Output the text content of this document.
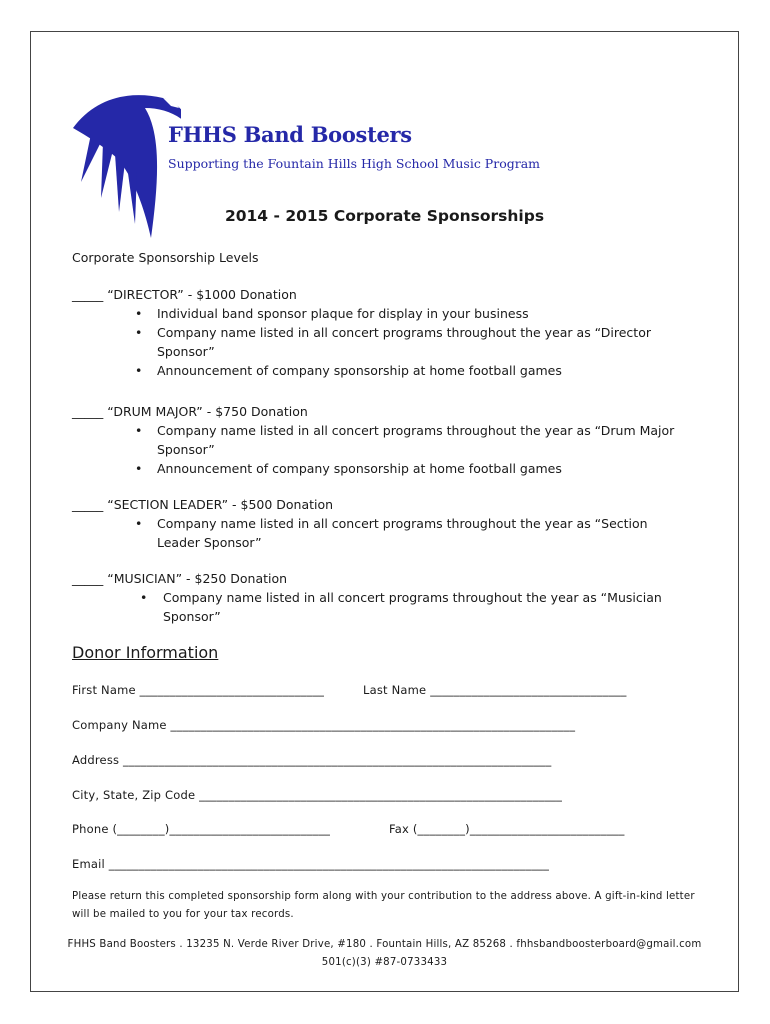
FHHS Band Boosters
Supporting the Fountain Hills High School Music Program
2014 - 2015 Corporate Sponsorships
Corporate Sponsorship Levels
_____ “DIRECTOR” - $1000 Donation
• Individual band sponsor plaque for display in your business
• Company name listed in all concert programs throughout the year as “Director Sponsor”
• Announcement of company sponsorship at home football games
_____ “DRUM MAJOR” - $750 Donation
• Company name listed in all concert programs throughout the year as “Drum Major Sponsor”
• Announcement of company sponsorship at home football games
_____ “SECTION LEADER” - $500 Donation
• Company name listed in all concert programs throughout the year as “Section Leader Sponsor”
_____ “MUSICIAN” - $250 Donation
• Company name listed in all concert programs throughout the year as “Musician Sponsor”
Donor Information
First Name _______________________________	Last Name _________________________________
Company Name ____________________________________________________________________
Address ________________________________________________________________________
City, State, Zip Code _____________________________________________________________
Phone (________)___________________________	Fax (________)__________________________
Email __________________________________________________________________________
Please return this completed sponsorship form along with your contribution to the address above. A gift-in-kind letter will be mailed to you for your tax records.
FHHS Band Boosters . 13235 N. Verde River Drive, #180 . Fountain Hills, AZ 85268 . fhhsbandboosterboard@gmail.com
501(c)(3) #87-0733433
